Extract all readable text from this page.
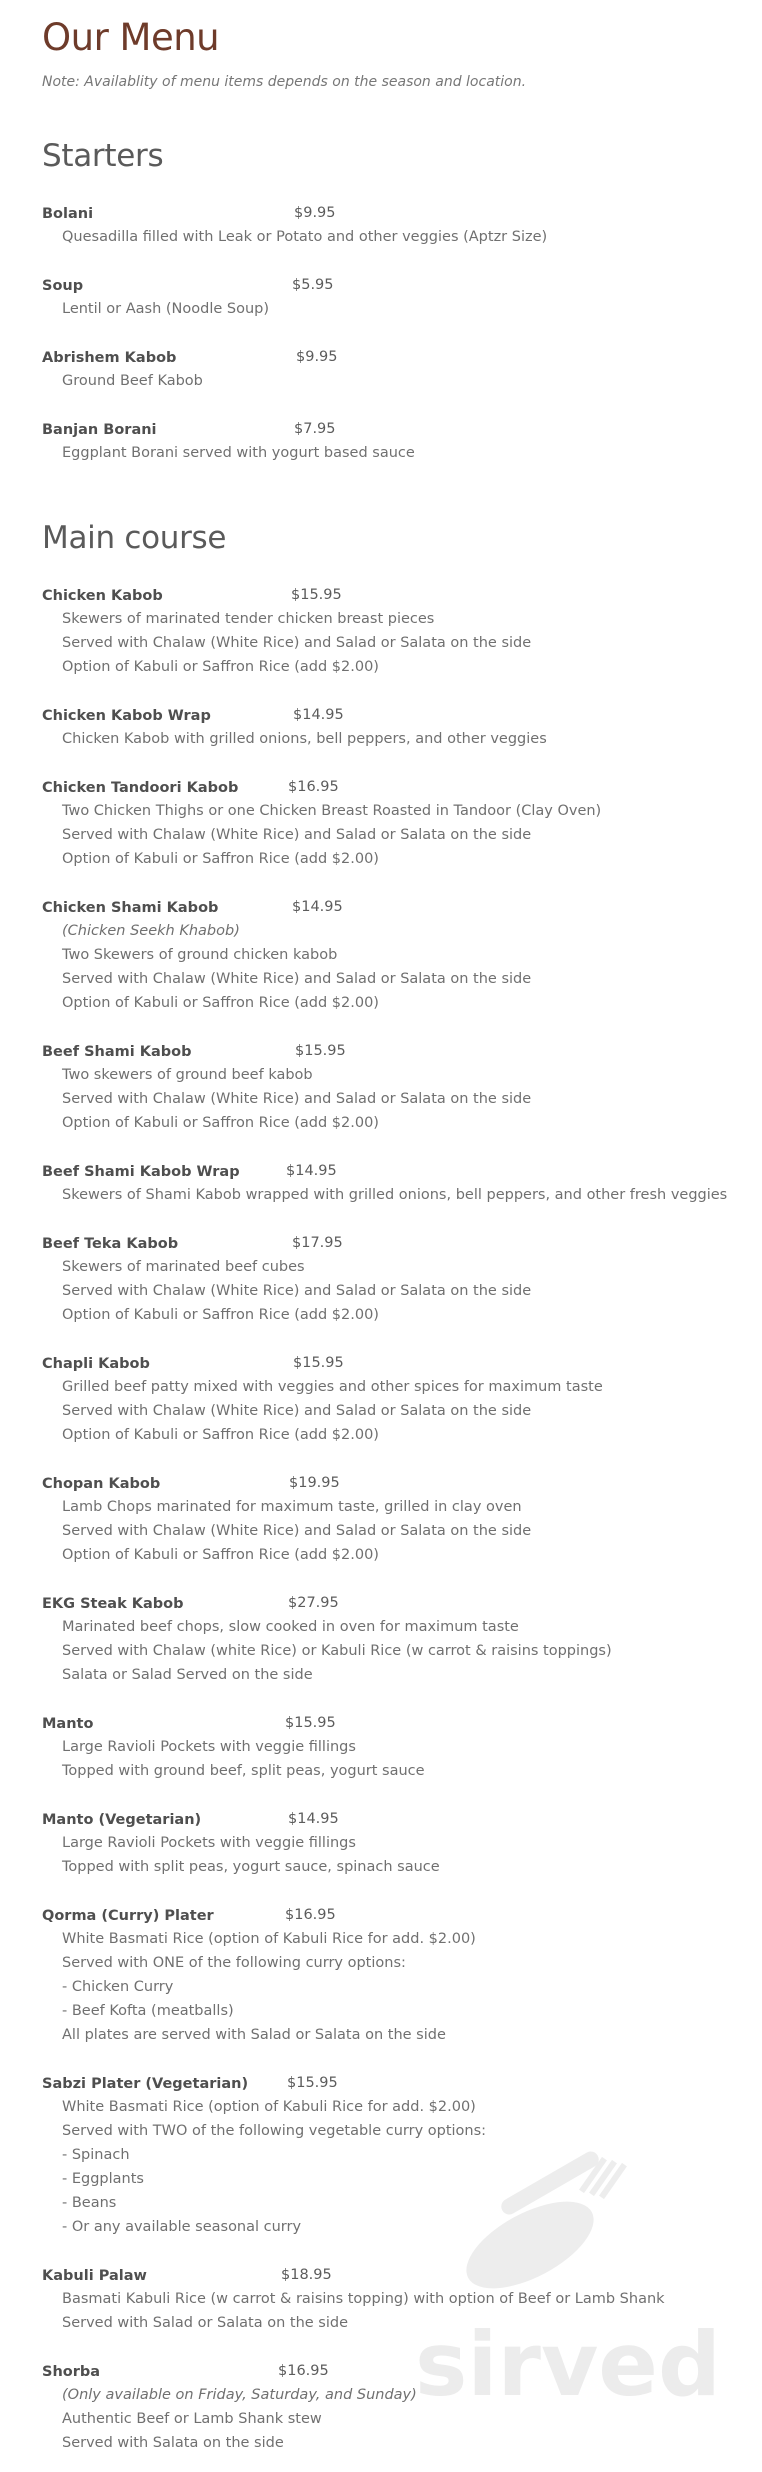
Our Menu

Note: Availablity of menu items depends on the season and location.

Starters
Bolani	$9.95
Quesadilla filled with Leak or Potato and other veggies (Aptzr Size)
Soup	$5.95
Lentil or Aash (Noodle Soup)
Abrishem Kabob	$9.95
Ground Beef Kabob
Banjan Borani	$7.95
Eggplant Borani served with yogurt based sauce
Main course
Chicken Kabob	$15.95
Skewers of marinated tender chicken breast pieces
Served with Chalaw (White Rice) and Salad or Salata on the side
Option of Kabuli or Saffron Rice (add $2.00)
Chicken Kabob Wrap	$14.95
Chicken Kabob with grilled onions, bell peppers, and other veggies
Chicken Tandoori Kabob	$16.95
Two Chicken Thighs or one Chicken Breast Roasted in Tandoor (Clay Oven)
Served with Chalaw (White Rice) and Salad or Salata on the side
Option of Kabuli or Saffron Rice (add $2.00)
Chicken Shami Kabob	$14.95
(Chicken Seekh Khabob)
Two Skewers of ground chicken kabob
Served with Chalaw (White Rice) and Salad or Salata on the side
Option of Kabuli or Saffron Rice (add $2.00)
Beef Shami Kabob	$15.95
Two skewers of ground beef kabob
Served with Chalaw (White Rice) and Salad or Salata on the side
Option of Kabuli or Saffron Rice (add $2.00)
Beef Shami Kabob Wrap	$14.95
Skewers of Shami Kabob wrapped with grilled onions, bell peppers, and other fresh veggies
Beef Teka Kabob	$17.95
Skewers of marinated beef cubes
Served with Chalaw (White Rice) and Salad or Salata on the side
Option of Kabuli or Saffron Rice (add $2.00)
Chapli Kabob	$15.95
Grilled beef patty mixed with veggies and other spices for maximum taste
Served with Chalaw (White Rice) and Salad or Salata on the side
Option of Kabuli or Saffron Rice (add $2.00)
Chopan Kabob	$19.95
Lamb Chops marinated for maximum taste, grilled in clay oven
Served with Chalaw (White Rice) and Salad or Salata on the side
Option of Kabuli or Saffron Rice (add $2.00)
EKG Steak Kabob	$27.95
Marinated beef chops, slow cooked in oven for maximum taste
Served with Chalaw (white Rice) or Kabuli Rice (w carrot & raisins toppings)
Salata or Salad Served on the side
Manto	$15.95
Large Ravioli Pockets with veggie fillings
Topped with ground beef, split peas, yogurt sauce
Manto (Vegetarian)	$14.95
Large Ravioli Pockets with veggie fillings
Topped with split peas, yogurt sauce, spinach sauce
Qorma (Curry) Plater	$16.95
White Basmati Rice (option of Kabuli Rice for add. $2.00)
Served with ONE of the following curry options:
- Chicken Curry
- Beef Kofta (meatballs)
All plates are served with Salad or Salata on the side
Sabzi Plater (Vegetarian)	$15.95
White Basmati Rice (option of Kabuli Rice for add. $2.00)
Served with TWO of the following vegetable curry options:
- Spinach
- Eggplants
- Beans
- Or any available seasonal curry
Kabuli Palaw	$18.95
Basmati Kabuli Rice (w carrot & raisins topping) with option of Beef or Lamb Shank
Served with Salad or Salata on the side
Shorba	$16.95
(Only available on Friday, Saturday, and Sunday)
Authentic Beef or Lamb Shank stew
Served with Salata on the side
sirved
